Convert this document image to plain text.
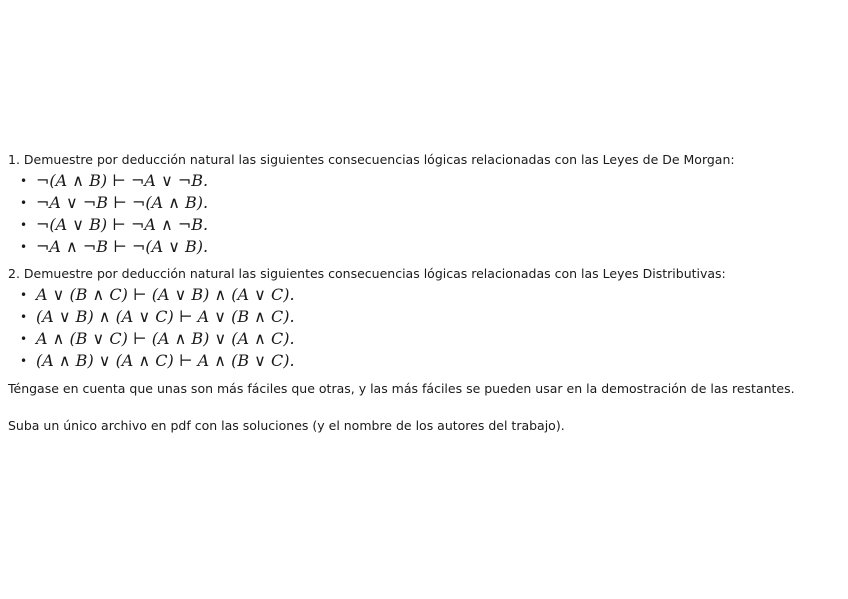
1. Demuestre por deducción natural las siguientes consecuencias lógicas relacionadas con las Leyes de De Morgan:

• ¬(A ∧ B) ⊢ ¬A ∨ ¬B.
• ¬A ∨ ¬B ⊢ ¬(A ∧ B).
• ¬(A ∨ B) ⊢ ¬A ∧ ¬B.
• ¬A ∧ ¬B ⊢ ¬(A ∨ B).

2. Demuestre por deducción natural las siguientes consecuencias lógicas relacionadas con las Leyes Distributivas:

• A ∨ (B ∧ C) ⊢ (A ∨ B) ∧ (A ∨ C).
• (A ∨ B) ∧ (A ∨ C) ⊢ A ∨ (B ∧ C).
• A ∧ (B ∨ C) ⊢ (A ∧ B) ∨ (A ∧ C).
• (A ∧ B) ∨ (A ∧ C) ⊢ A ∧ (B ∨ C).

Téngase en cuenta que unas son más fáciles que otras, y las más fáciles se pueden usar en la demostración de las restantes.

Suba un único archivo en pdf con las soluciones (y el nombre de los autores del trabajo).
